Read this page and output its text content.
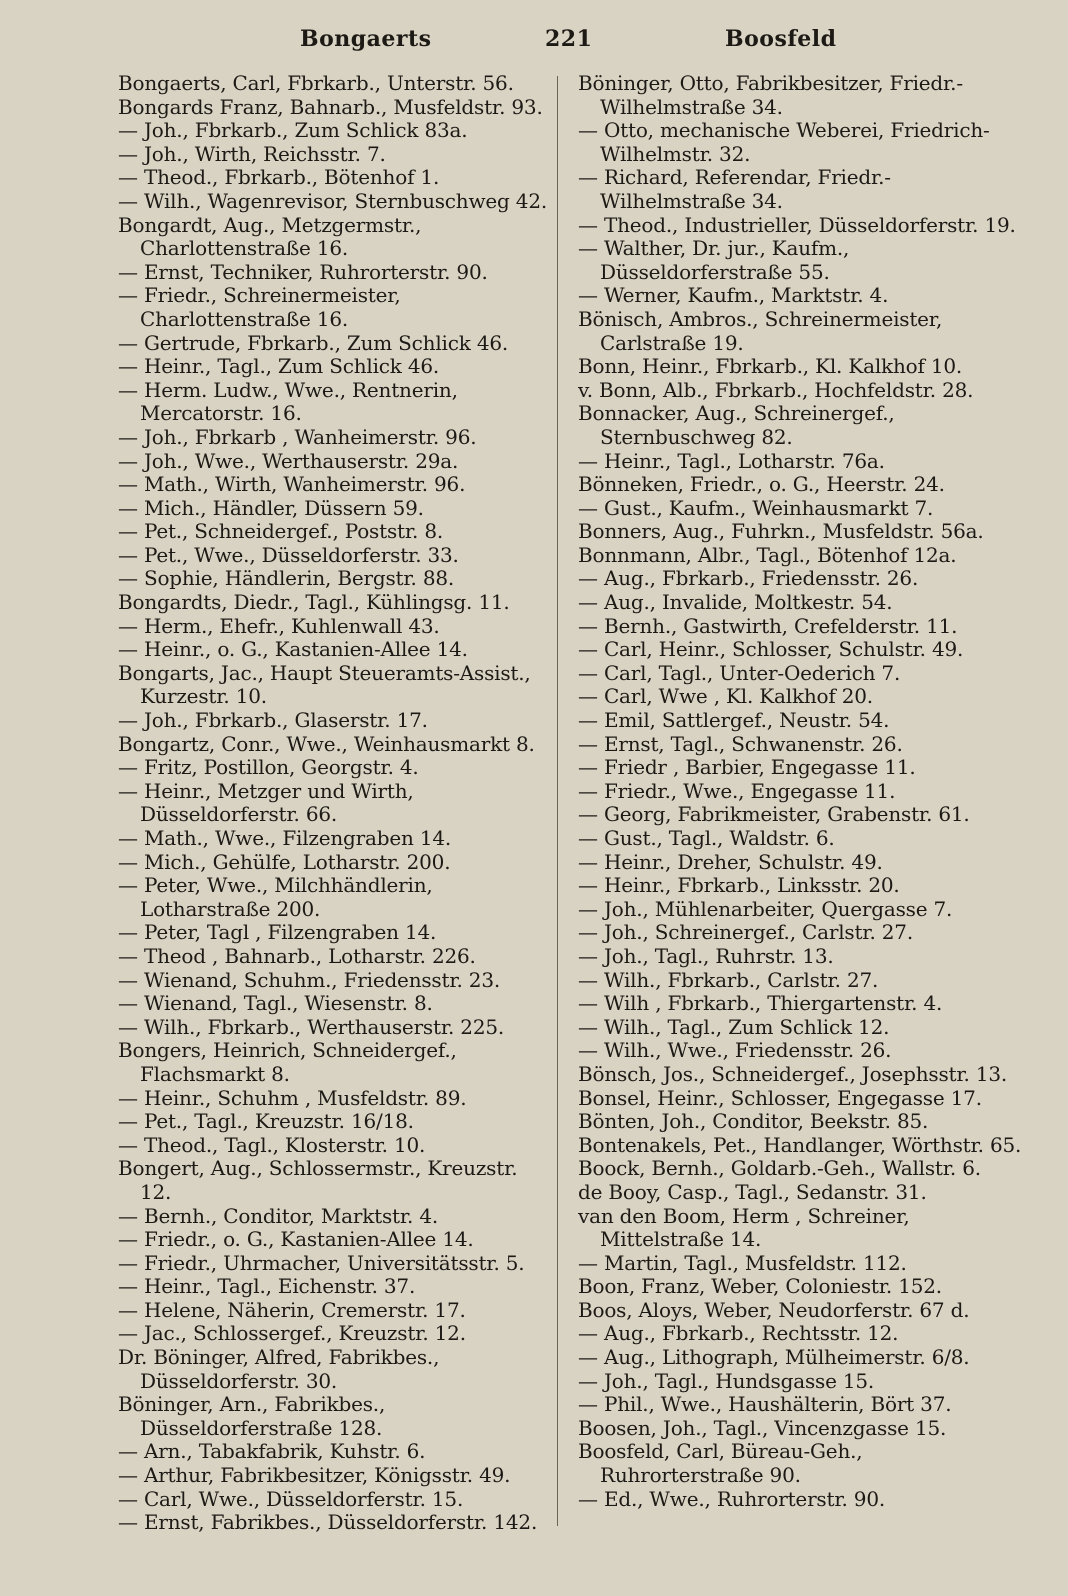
Bongaerts	221	Boosfeld
Bongaerts, Carl, Fbrkarb., Unterstr. 56.
Bongards Franz, Bahnarb., Musfeldstr. 93.
— Joh., Fbrkarb., Zum Schlick 83a.
— Joh., Wirth, Reichsstr. 7.
— Theod., Fbrkarb., Bötenhof 1.
— Wilh., Wagenrevisor, Sternbuschweg 42.
Bongardt, Aug., Metzgermstr., Charlottenstraße 16.
— Ernst, Techniker, Ruhrorterstr. 90.
— Friedr., Schreinermeister, Charlottenstraße 16.
— Gertrude, Fbrkarb., Zum Schlick 46.
— Heinr., Tagl., Zum Schlick 46.
— Herm. Ludw., Wwe., Rentnerin, Mercatorstr. 16.
— Joh., Fbrkarb , Wanheimerstr. 96.
— Joh., Wwe., Werthauserstr. 29a.
— Math., Wirth, Wanheimerstr. 96.
— Mich., Händler, Düssern 59.
— Pet., Schneidergef., Poststr. 8.
— Pet., Wwe., Düsseldorferstr. 33.
— Sophie, Händlerin, Bergstr. 88.
Bongardts, Diedr., Tagl., Kühlingsg. 11.
— Herm., Ehefr., Kuhlenwall 43.
— Heinr., o. G., Kastanien-Allee 14.
Bongarts, Jac., Haupt Steueramts-Assist., Kurzestr. 10.
— Joh., Fbrkarb., Glaserstr. 17.
Bongartz, Conr., Wwe., Weinhausmarkt 8.
— Fritz, Postillon, Georgstr. 4.
— Heinr., Metzger und Wirth, Düsseldorferstr. 66.
— Math., Wwe., Filzengraben 14.
— Mich., Gehülfe, Lotharstr. 200.
— Peter, Wwe., Milchhändlerin, Lotharstraße 200.
— Peter, Tagl , Filzengraben 14.
— Theod , Bahnarb., Lotharstr. 226.
— Wienand, Schuhm., Friedensstr. 23.
— Wienand, Tagl., Wiesenstr. 8.
— Wilh., Fbrkarb., Werthauserstr. 225.
Bongers, Heinrich, Schneidergef., Flachsmarkt 8.
— Heinr., Schuhm , Musfeldstr. 89.
— Pet., Tagl., Kreuzstr. 16/18.
— Theod., Tagl., Klosterstr. 10.
Bongert, Aug., Schlossermstr., Kreuzstr. 12.
— Bernh., Conditor, Marktstr. 4.
— Friedr., o. G., Kastanien-Allee 14.
— Friedr., Uhrmacher, Universitätsstr. 5.
— Heinr., Tagl., Eichenstr. 37.
— Helene, Näherin, Cremerstr. 17.
— Jac., Schlossergef., Kreuzstr. 12.
Dr. Böninger, Alfred, Fabrikbes., Düsseldorferstr. 30.
Böninger, Arn., Fabrikbes., Düsseldorferstraße 128.
— Arn., Tabakfabrik, Kuhstr. 6.
— Arthur, Fabrikbesitzer, Königsstr. 49.
— Carl, Wwe., Düsseldorferstr. 15.
— Ernst, Fabrikbes., Düsseldorferstr. 142.
Böninger, Otto, Fabrikbesitzer, Friedr.-Wilhelmstraße 34.
— Otto, mechanische Weberei, Friedrich-Wilhelmstr. 32.
— Richard, Referendar, Friedr.-Wilhelmstraße 34.
— Theod., Industrieller, Düsseldorferstr. 19.
— Walther, Dr. jur., Kaufm., Düsseldorferstraße 55.
— Werner, Kaufm., Marktstr. 4.
Bönisch, Ambros., Schreinermeister, Carlstraße 19.
Bonn, Heinr., Fbrkarb., Kl. Kalkhof 10.
v. Bonn, Alb., Fbrkarb., Hochfeldstr. 28.
Bonnacker, Aug., Schreinergef., Sternbuschweg 82.
— Heinr., Tagl., Lotharstr. 76a.
Bönneken, Friedr., o. G., Heerstr. 24.
— Gust., Kaufm., Weinhausmarkt 7.
Bonners, Aug., Fuhrkn., Musfeldstr. 56a.
Bonnmann, Albr., Tagl., Bötenhof 12a.
— Aug., Fbrkarb., Friedensstr. 26.
— Aug., Invalide, Moltkestr. 54.
— Bernh., Gastwirth, Crefelderstr. 11.
— Carl, Heinr., Schlosser, Schulstr. 49.
— Carl, Tagl., Unter-Oederich 7.
— Carl, Wwe , Kl. Kalkhof 20.
— Emil, Sattlergef., Neustr. 54.
— Ernst, Tagl., Schwanenstr. 26.
— Friedr , Barbier, Engegasse 11.
— Friedr., Wwe., Engegasse 11.
— Georg, Fabrikmeister, Grabenstr. 61.
— Gust., Tagl., Waldstr. 6.
— Heinr., Dreher, Schulstr. 49.
— Heinr., Fbrkarb., Linksstr. 20.
— Joh., Mühlenarbeiter, Quergasse 7.
— Joh., Schreinergef., Carlstr. 27.
— Joh., Tagl., Ruhrstr. 13.
— Wilh., Fbrkarb., Carlstr. 27.
— Wilh , Fbrkarb., Thiergartenstr. 4.
— Wilh., Tagl., Zum Schlick 12.
— Wilh., Wwe., Friedensstr. 26.
Bönsch, Jos., Schneidergef., Josephsstr. 13.
Bonsel, Heinr., Schlosser, Engegasse 17.
Bönten, Joh., Conditor, Beekstr. 85.
Bontenakels, Pet., Handlanger, Wörthstr. 65.
Boock, Bernh., Goldarb.-Geh., Wallstr. 6.
de Booy, Casp., Tagl., Sedanstr. 31.
van den Boom, Herm , Schreiner, Mittelstraße 14.
— Martin, Tagl., Musfeldstr. 112.
Boon, Franz, Weber, Coloniestr. 152.
Boos, Aloys, Weber, Neudorferstr. 67 d.
— Aug., Fbrkarb., Rechtsstr. 12.
— Aug., Lithograph, Mülheimerstr. 6/8.
— Joh., Tagl., Hundsgasse 15.
— Phil., Wwe., Haushälterin, Bört 37.
Boosen, Joh., Tagl., Vincenzgasse 15.
Boosfeld, Carl, Büreau-Geh., Ruhrorterstraße 90.
— Ed., Wwe., Ruhrorterstr. 90.
